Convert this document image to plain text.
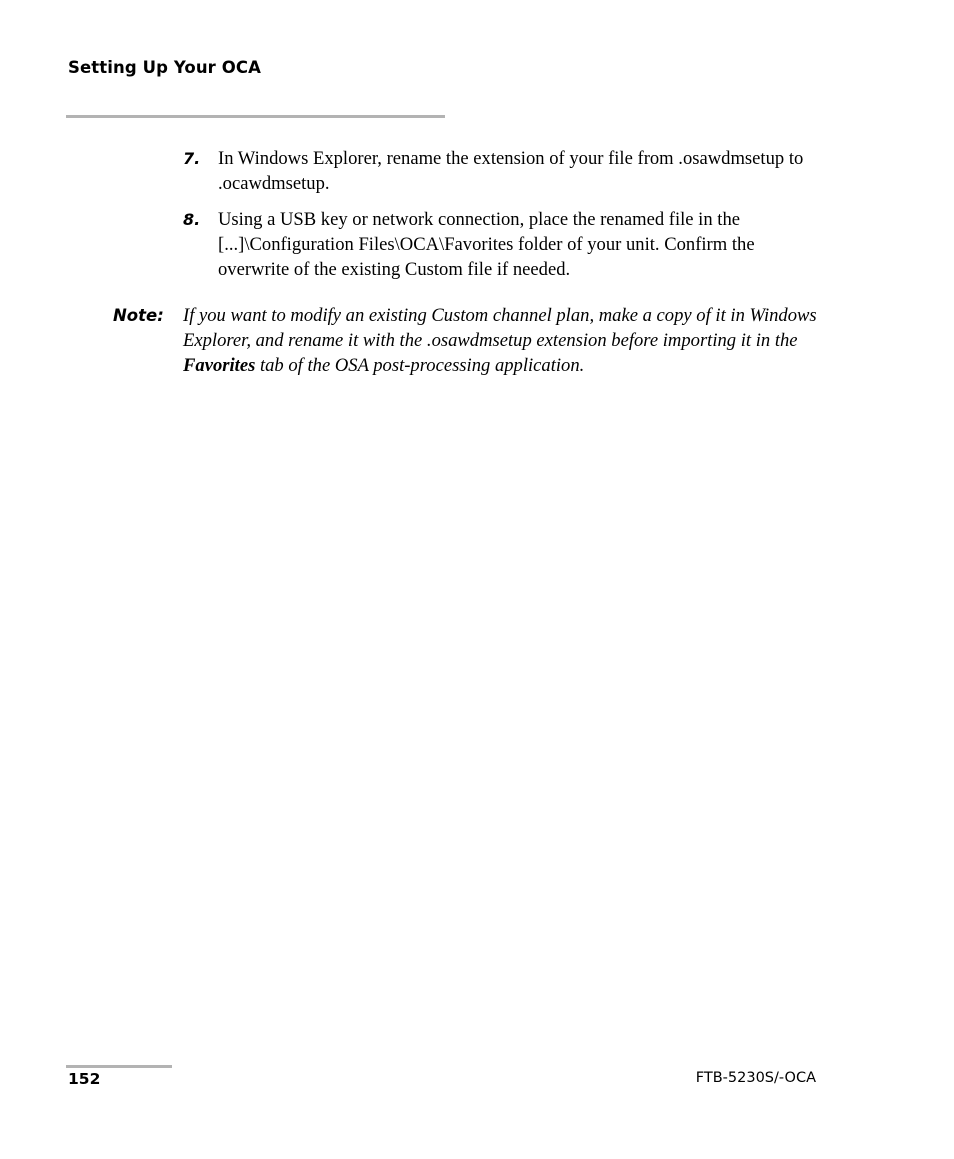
Setting Up Your OCA
7. In Windows Explorer, rename the extension of your file from .osawdmsetup to .ocawdmsetup.
8. Using a USB key or network connection, place the renamed file in the [...]\Configuration Files\OCA\Favorites folder of your unit. Confirm the overwrite of the existing Custom file if needed.
Note: If you want to modify an existing Custom channel plan, make a copy of it in Windows Explorer, and rename it with the .osawdmsetup extension before importing it in the Favorites tab of the OSA post-processing application.
152	FTB-5230S/-OCA
